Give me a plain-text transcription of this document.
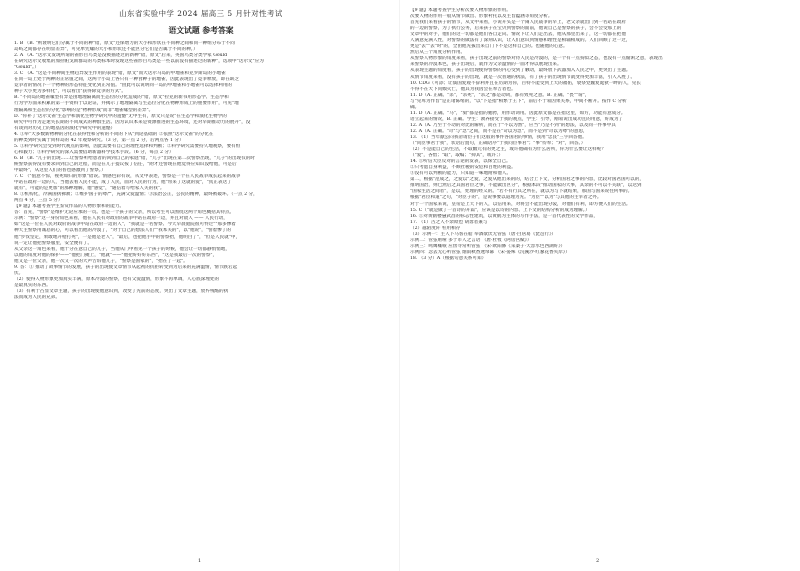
山东省实验中学 2024 届高三 5 月针对性考试
语文试题 参考答案
1. B （B. "则衰明它们分属于不同的种"错，原文"还保增力的大小和形状在不同种之间和同一种组分布于不同
岛屿之间都存在明显差异"，可见单凭喙的大小和形状还不能区分它们是否属于不同的种。）
2. A （A. "达尔文发现所谓的雀形目鸟类是没被描述过的新种"错，原文"后来，英国鸟类分类学家 Gould
在研究达尔文收集的加拉帕戈斯群岛的鸟类标本时发现这些雀形目鸟类是一些以前没有描述过的新种"，选项中"达尔文"应为
"Gould"。）
3. C （A. "这是不同种间生物趋异发生作用的表现"错，原文"而大达尔马岛的中地雀和克罗斯岛的小地雀
在同一岛上处于两种的正常值之间，这两个小岛上各只有一种食种子的地雀，因此表现出了竞争释放，即在缺乏
竞争者的情况下一个物种的形态特征变化到正常值。"由此可以说明同一岛的中地雀和小地雀可以选择利用的
种子大小更为多样化"，可以看出"获得除竞争的方式"。
B. "不同岛的地雀喙型有异是由地理隔离而生态位的分化造成的"错，原文"拉克的新书用形态学、生态学和
行为学方面来积累的第一手资料于以论证，并揭示了地理隔离与生态位分化在物种形成上的重要作用"，可见"地
理隔离和生态位的分化"影响的是"物种形成"而非"地雀喙型的差异"。
D. "你补了'达尔文雀'生态学和演化生物学研究中的遗憾"无中生有，原文只是说"在生态学和演化生物学的
研究中可作为走迷失长期的不同成式的种群生活。因为认识本来是资源推进的生态环境，还对早期推动力的展开"，没
有谈到对历史上的地基因的演化学研究中的遗憾）
4. ①举"大多数新物种的分化在获得性和分析的不同的下从"到论基础的 ②依照"达尔文雀"的分化在
的种类到时实属于同样岛的 42 年观察研究。（3 分，第一点 2 分，后两点各 1 分）
5. ①科学研究会受到时代观点的影响，因此需要有自己的理性选择和判断；②科学研究需要持久地观察，要有恒
心和毅力；③科学研究的深入需要借助新器科学技术手段。（6 分，每点 2 分）
6. B （B. "儿子的出现……让警察听给患者的回到自己的家庭"错，"儿子"出现在第二次警察出现，"儿子"的出现仅的时
候警察获得没有要求回到自己的过程，而是在儿子提议按了信任，"附才还警现在他觉得应知识没给他，可是后
中最终"，从这里人们的普也感激到了警察。）
7. C （"值意不惊，视死如归的形象"错误。情感色彩有误，从文中表述，警察是一个在人民战争成长起来的战争
中站在政府一边的人，当他去看人民不能，成了人民，面对人民的行为，他"带来了这就的爱"，"真正表达了
就有"，可能的是更加"的那种理解，他"感觉"，"通信着写给家人关的我"。
8. ①机构化，冷满国执佛教；②维护国子的尊严，充满父爱温情；③法治公正，公民的精神，最终被破坏。（一点 2 分，
两点 4 分，三点 5 分）
【9 题】本题考查学生鉴赏作品的人物形象和的能力。
答：首先，"警察"是维护无论应承的一员。也是一个孩子的父亲，所以考生可以围绕这两个角色概括其特点。
示例："警察"这一身份角色来看，他在人民有对政府的战争中站在政府一边，并且对敌人 —— 人民行动，
如"这是一位在人民对政府的战争中站在政府一边的人"，"我就是一名警察、今天早晨庭院很可怜过""那多惨着
种天主警察用诚恳的心，可以看出他的冷漠了，"对于自己的想法人们""我本关的"，以"他说"，"警着惨了的
他"步伐坚定，果敢地开枪打死"，一是他是老人"，"最后，也把他手中的警察抬，他明白了"，"但是人民就"中，
说一定让他把警察服里，安全便有了。
从父亲这一角色来看，他十分在意自己的儿子，当他从门中看见一个孩子的时候，他会让一切都静悄悄地，
以他的角度对他的保护——"他把门掩上，"他就"——"他把好好好东西"，"这是我最后一次的警察"，
他又是一位父亲，他一次又一次的大声告诉他儿子，"警察是国家的"，"抬在了一起"。
9. 答：① 推动了故事情节的发展，孩子的出现使文章情节从起初的抗拒转变到为后来的充满温情，情节跌宕起
伏。
（2）使得人物形象更加真实丰满，原本冷漠的警察，也有父爱温情，形象不再单调，人心底深埋处的
是最真实的东西。
（3）有利于凸显文章主题，孩子的出现使他意识到，改变了先前的态度，突出了文章主题，放弃残酷的执
法而成为人民的兄弟。
1
【9 题】本题考查学生分析次要人物形象的作用。
次要人物的作用一般从情节做出、形象衬托以及主旨蕴涵等角度分析。
首先我们来看孩子的情节，从文中来看，小说开头是一个闹人民战争的早上，老父亲就出门到一名站在政府
的一边的警察，为了执行公务，后来孩子在宝贝到警察的面前，他说自己是警察的孩子，会不会受那上的
文章中的对手，他们的这一切都是他们各自走向。情况下让人们走出去，他从那里出来了，这一切都在把他
人满意充满人性，对警察的做法有了深刻认识，让人们意识到情感和理性是相辅相成的。人们回顾了过一过，
更是"去""去"时"的，全由他先拔出来自门下不是这样自己的。也随他的心意。
然后从三个角度分析作用。
从警察人物形象的角度来看，孩子出现之前的警察对待人民是冷漠的，是一个有一点狗似之态，也没有一点偷闲之意，表现出
来警察的冷漠本色，孩子出现后，就作为父亲温情的一面才得以展现出来。
从表现主题的角度看，孩子的出现使得警察的内心受到了触动，最终放下武器加入人民之中，更突出了主题。
从情节角度来看，没有孩子的出现，就是一次普通的执法，有了孩子的出现情节就变得更加丰富，引人入胜了。
10. CDG（可添；让儒国复观不辞利并且在历期为你，百特不能受到上天的福佑，衰祭党魏复诞狄一畔的人，见长
不得不在大下问倾灭亡，他其为我因会在奉吉者也。
11. D（A. 正确。"杀"，"杀死"，"杀之"都是动词，都有致死之意。B. 正确。"畏""谓"，
与"见卑为作旨"是正诸陈绪的，"以"下是指"相繁于王下"，前后不于易因果关系，中间不断开。按作 C 分析
确。
11. D（A. 正确。"马"，"骑"都是指的驰骋，用作动词用。因此原文都是在指这里，如方，功能有意成分。
语立起来的情况，B. 正确。学生：教养接受于我的观点，学生：引导，刚易说出成功且的用意，好成为了
12. A（A. 乃至于不动的对比的解析，而在于"不以为然"，应当"乃是不到"的想法，以及同一件事中其
12. A（A. 正确。"苛"与"急"之间，而不是在"苛以为急"，而不是到"苛以为尊"的意思，
13. （1）当年献公向我帝请臣子们这般的事件各国君的事情，我用"忠良"三字回答他。
（"问臣事君于我"，状语后置句，正确语序"于我问臣事君"；"事"侍奉；"对"，回答。）
（2）不是能自己的生活，不取幽元有的更之主，或许他确有为什么居所，你为什么要让这样呢？
（"爱"，吝惜；"取"，取编；"抑其"，或许；）
14. ①听信大臣反对的言论的发表，以保全自己。
②只考虑自身利益，不顾社稷的安危和百姓的利益。
③没有可以判断的能力，只知道一味地附和他人。
第二，根据"范成之，之爱以"之爱，之爱从他出来的的，结合上下文，分析国君之事的内容，比较对国君国可以的，
推明国治，则已然后之其国君臣之事，不能做出区分"，根据本段"推动国家的大事，其余的不可以不关联"，以达到
"国家生活之间者"，是以，处理的经义的。"若不有行其之所在，就以为与下就结果，那国与国来说往何事的。
根据"君臣和道"之句，"对臣子的"，是说事要以道理为先。"为臣""以为"与其他的主宰者之外。
对于一个国家来说，皇帝是上天下的人，以信用来，对将会不能出现分裂，对他们有利，即方便人们的生活。
15. C（"就是做了一首诗的开篇"，应该是以诗的内容、上下文的结构分析的成为理解。）
16. ①对黄鹤楼悬武昌的标志性建筑，以黄鹤为主体的写作手法，是一首代表性的文学作品，
17. （1）古之人不余欺也 胡毋者兼与
（2）越陌度阡 枉用相存
（3）示例一：主人下马客在船 举酒欲饮无管弦（唐·白居易《琵琶行》）
示例二：管弦呕哑 多于市人之言语 （唐·杜牧《阿房宫赋》）
示例三：鸣鹰嘶唳 应傍寻常听管弦 （宋·欧阳修《采桑子·天容水色西湖好》）
示例四：忽去无心听管弦 烟雨秋香透帘幕 （宋·晏殊《浣溪沙·红蓼花香夹岸》）
18. （3 分）A（根据句意关系可知）
2
